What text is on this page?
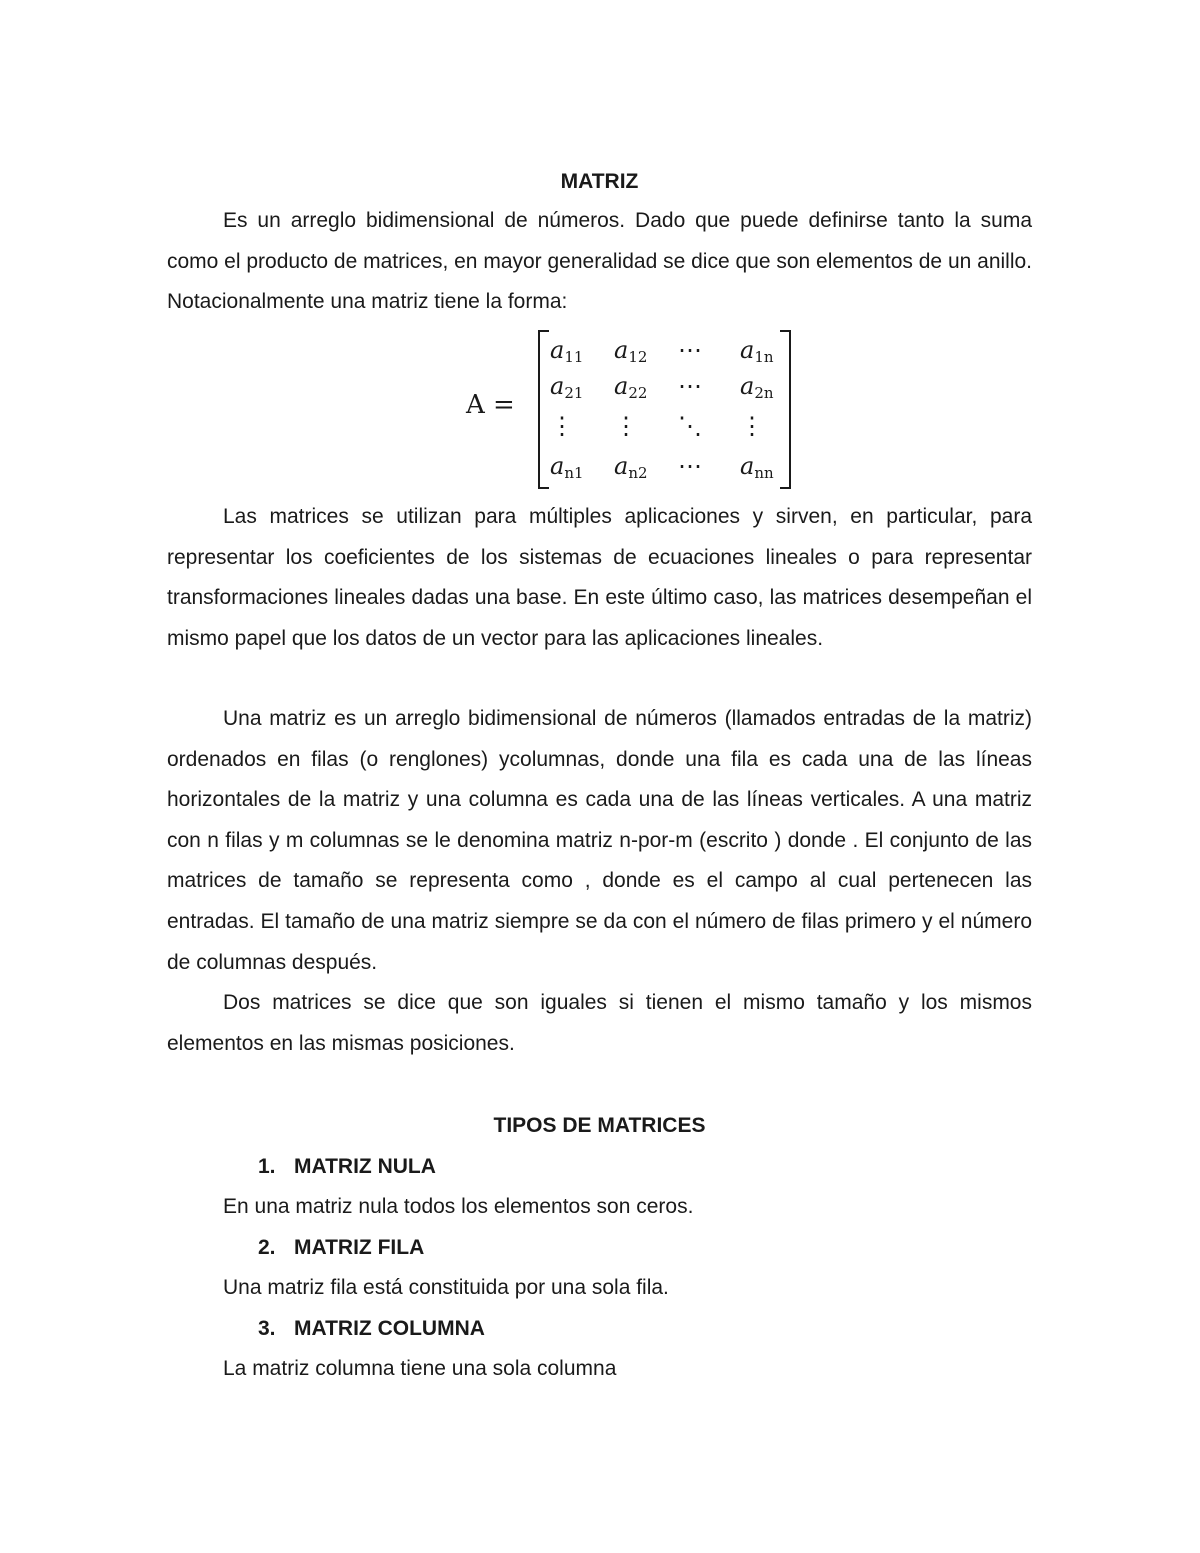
MATRIZ

Es un arreglo bidimensional de números. Dado que puede definirse tanto la suma como el producto de matrices, en mayor generalidad se dice que son elementos de un anillo. Notacionalmente una matriz tiene la forma:

A =
$a_{11}$ $a_{12}$ ⋯ $a_{1n}$
$a_{21}$ $a_{22}$ ⋯ $a_{2n}$
⋮ ⋮ ⋱ ⋮
$a_{n1}$ $a_{n2}$ ⋯ $a_{nn}$

Las matrices se utilizan para múltiples aplicaciones y sirven, en particular, para representar los coeficientes de los sistemas de ecuaciones lineales o para representar transformaciones lineales dadas una base. En este último caso, las matrices desempeñan el mismo papel que los datos de un vector para las aplicaciones lineales.

Una matriz es un arreglo bidimensional de números (llamados entradas de la matriz) ordenados en filas (o renglones) ycolumnas, donde una fila es cada una de las líneas horizontales de la matriz y una columna es cada una de las líneas verticales. A una matriz con n filas y m columnas se le denomina matriz n-por-m (escrito ) donde . El conjunto de las matrices de tamaño se representa como , donde es el campo al cual pertenecen las entradas. El tamaño de una matriz siempre se da con el número de filas primero y el número de columnas después.

Dos matrices se dice que son iguales si tienen el mismo tamaño y los mismos elementos en las mismas posiciones.

TIPOS DE MATRICES
1. MATRIZ NULA
En una matriz nula todos los elementos son ceros.
2. MATRIZ FILA
Una matriz fila está constituida por una sola fila.
3. MATRIZ COLUMNA
La matriz columna tiene una sola columna
